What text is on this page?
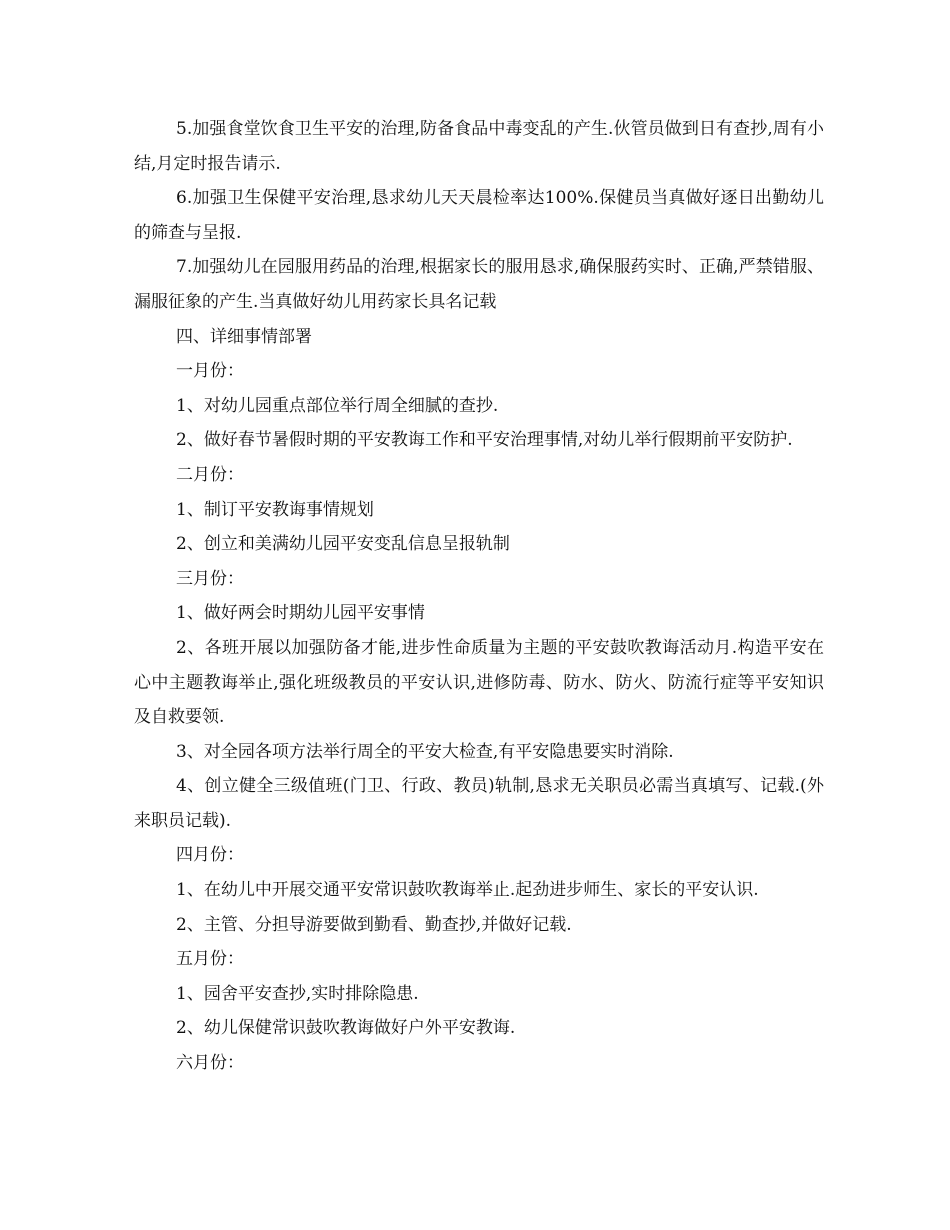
5.加强食堂饮食卫生平安的治理,防备食品中毒变乱的产生.伙管员做到日有查抄,周有小结,月定时报告请示.

6.加强卫生保健平安治理,恳求幼儿天天晨检率达100%.保健员当真做好逐日出勤幼儿的筛查与呈报.

7.加强幼儿在园服用药品的治理,根据家长的服用恳求,确保服药实时、正确,严禁错服、漏服征象的产生.当真做好幼儿用药家长具名记载

四、详细事情部署

一月份：

1、对幼儿园重点部位举行周全细腻的查抄.

2、做好春节暑假时期的平安教诲工作和平安治理事情,对幼儿举行假期前平安防护.

二月份：

1、制订平安教诲事情规划

2、创立和美满幼儿园平安变乱信息呈报轨制

三月份：

1、做好两会时期幼儿园平安事情

2、各班开展以加强防备才能,进步性命质量为主题的平安鼓吹教诲活动月.构造平安在心中主题教诲举止,强化班级教员的平安认识,进修防毒、防水、防火、防流行症等平安知识及自救要领.

3、对全园各项方法举行周全的平安大检查,有平安隐患要实时消除.

4、创立健全三级值班(门卫、行政、教员)轨制,恳求无关职员必需当真填写、记载.(外来职员记载).

四月份：

1、在幼儿中开展交通平安常识鼓吹教诲举止.起劲进步师生、家长的平安认识.

2、主管、分担导游要做到勤看、勤查抄,并做好记载.

五月份：

1、园舍平安查抄,实时排除隐患.

2、幼儿保健常识鼓吹教诲做好户外平安教诲.

六月份：
